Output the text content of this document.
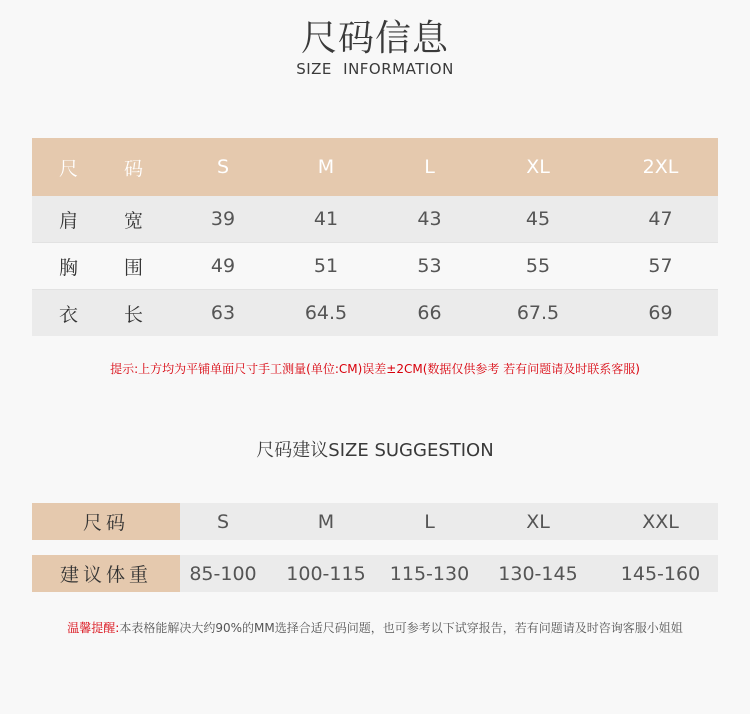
尺码信息
SIZE INFORMATION
尺 码	S	M	L	XL	2XL
肩 宽	39	41	43	45	47
胸 围	49	51	53	55	57
衣 长	63	64.5	66	67.5	69
提示:上方均为平铺单面尺寸手工测量(单位:CM)误差±2CM(数据仅供参考 若有问题请及时联系客服)
尺码建议SIZE SUGGESTION
尺码	S	M	L	XL	XXL
建议体重	85-100	100-115	115-130	130-145	145-160
温馨提醒:本表格能解决大约90%的MM选择合适尺码问题，也可参考以下试穿报告，若有问题请及时咨询客服小姐姐
